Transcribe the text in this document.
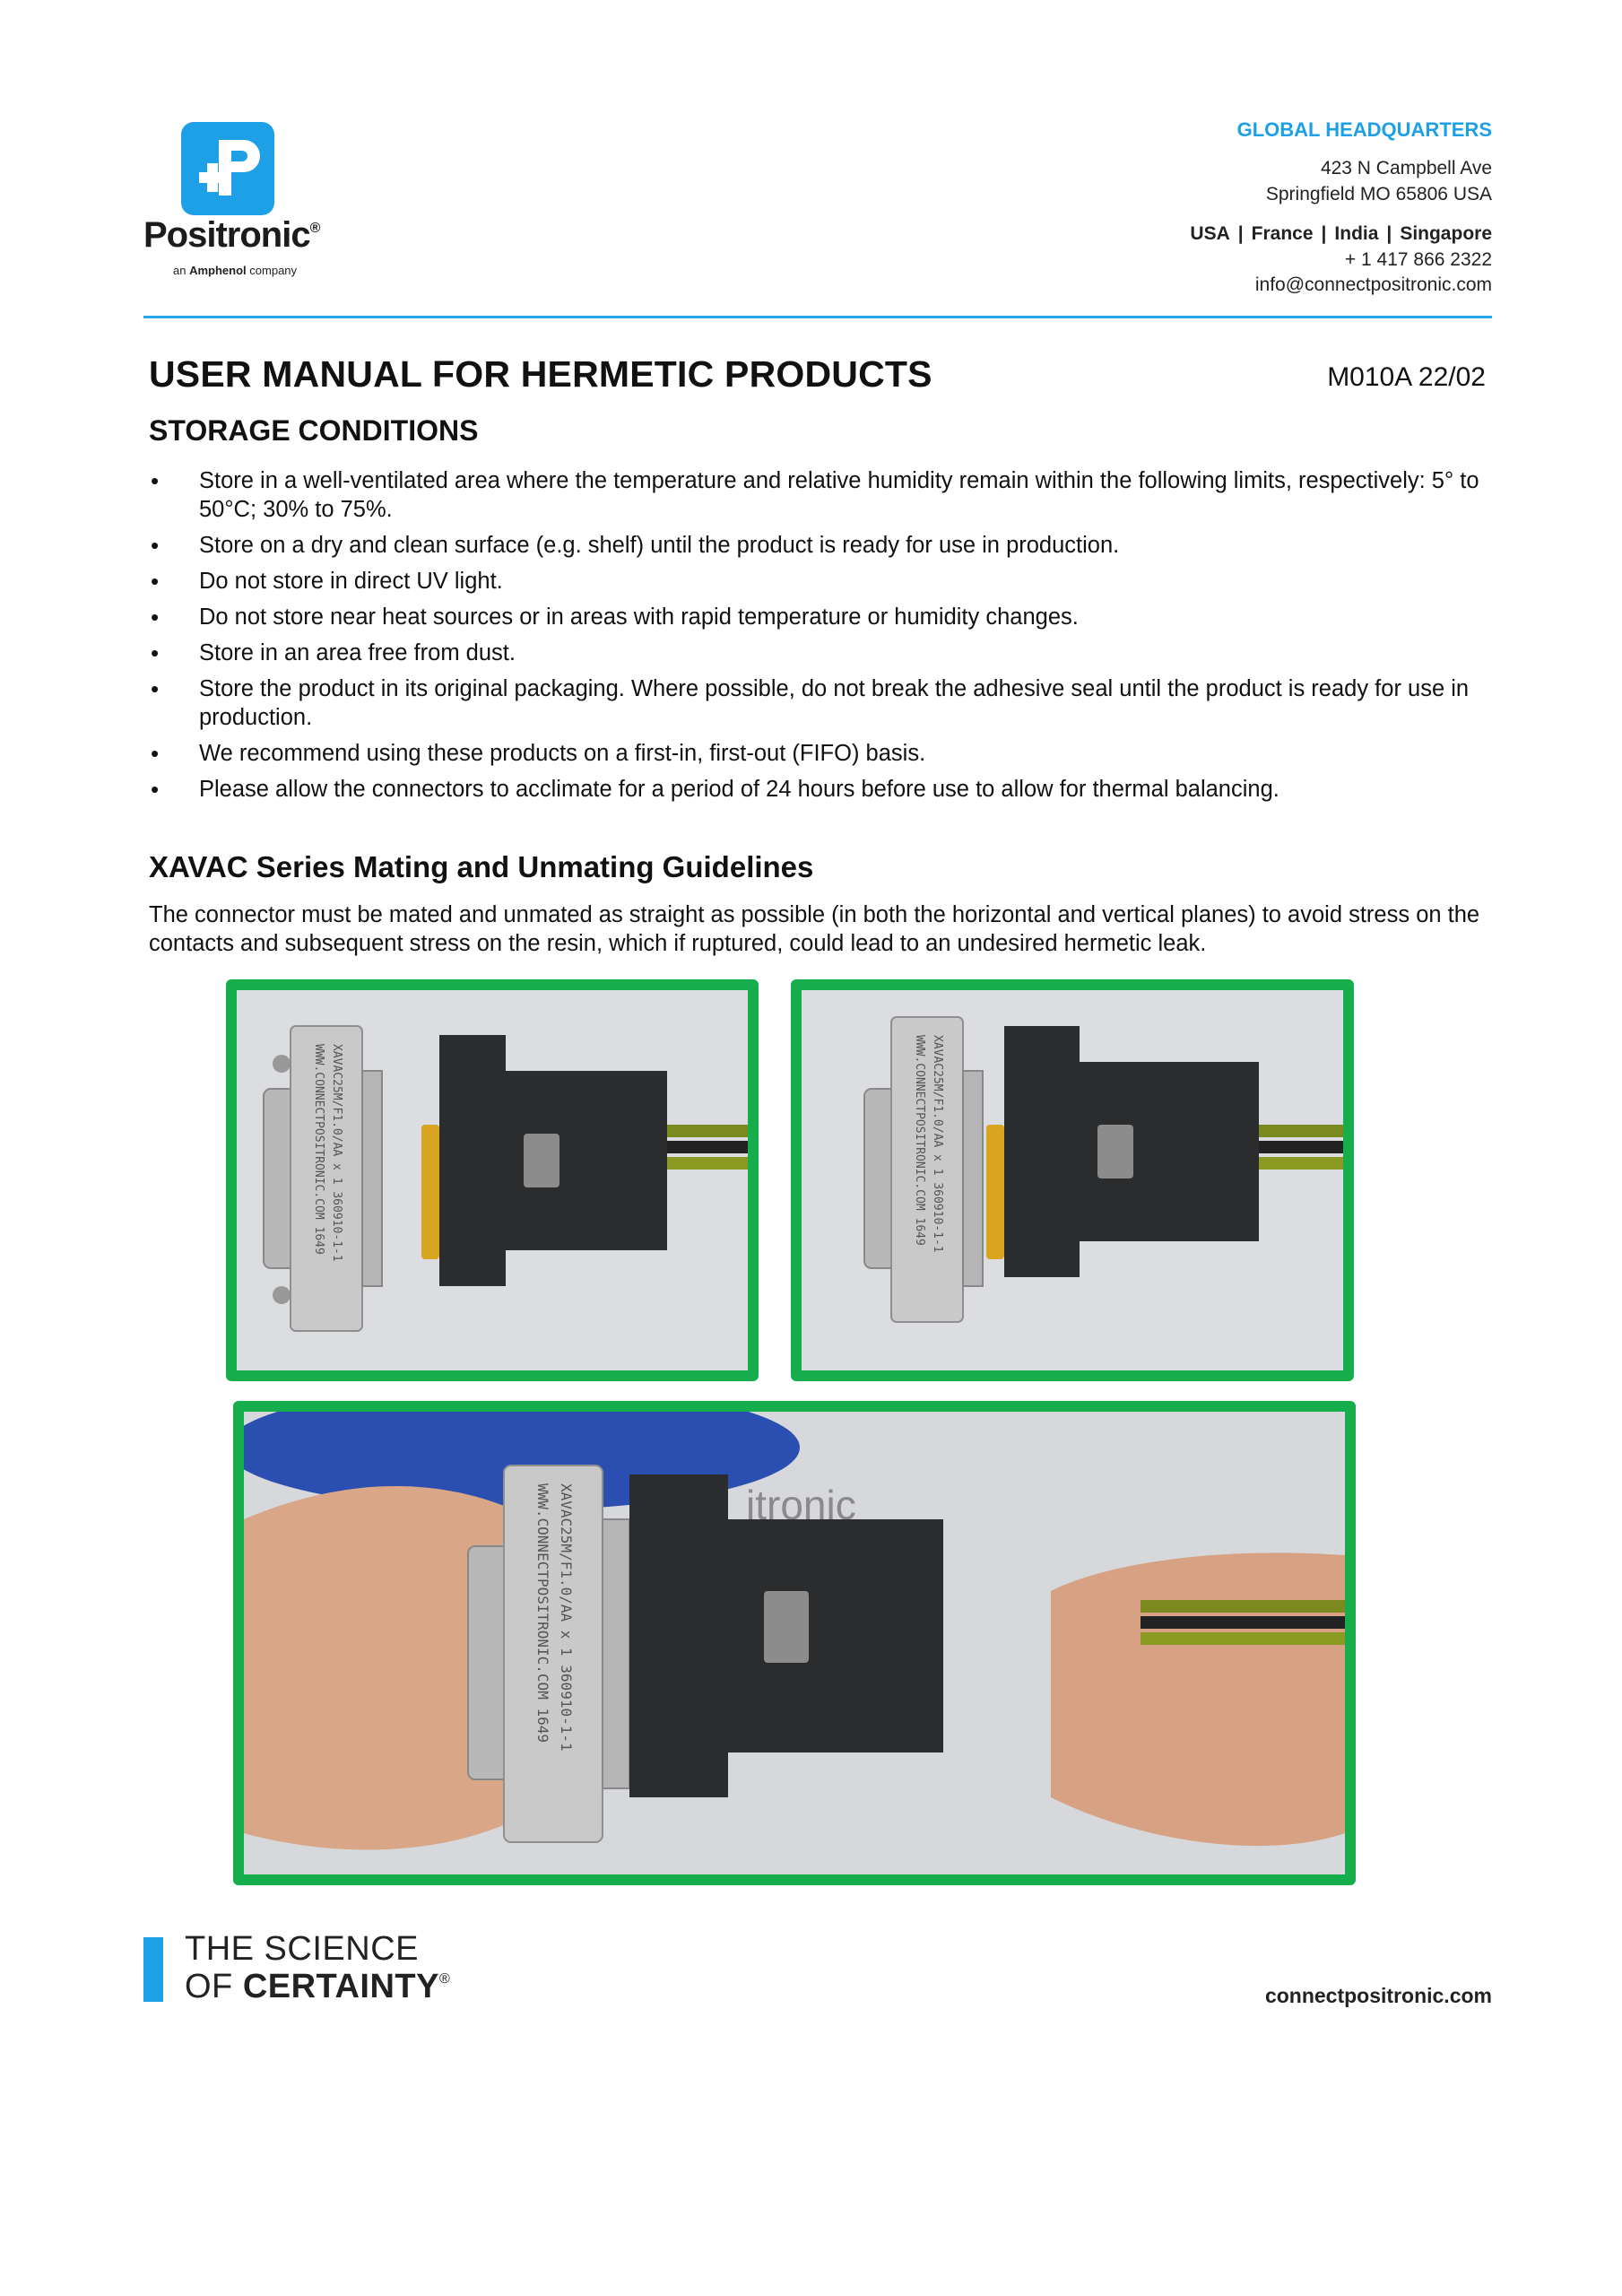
Positronic®
an Amphenol company
GLOBAL HEADQUARTERS
423 N Campbell Ave
Springfield MO 65806 USA
USA | France | India | Singapore
+ 1 417 866 2322
info@connectpositronic.com
USER MANUAL FOR HERMETIC PRODUCTS	M010A 22/02
STORAGE CONDITIONS
• Store in a well-ventilated area where the temperature and relative humidity remain within the following limits, respectively: 5° to 50°C; 30% to 75%.
• Store on a dry and clean surface (e.g. shelf) until the product is ready for use in production.
• Do not store in direct UV light.
• Do not store near heat sources or in areas with rapid temperature or humidity changes.
• Store in an area free from dust.
• Store the product in its original packaging. Where possible, do not break the adhesive seal until the product is ready for use in production.
• We recommend using these products on a first-in, first-out (FIFO) basis.
• Please allow the connectors to acclimate for a period of 24 hours before use to allow for thermal balancing.
XAVAC Series Mating and Unmating Guidelines
The connector must be mated and unmated as straight as possible (in both the horizontal and vertical planes) to avoid stress on the contacts and subsequent stress on the resin, which if ruptured, could lead to an undesired hermetic leak.
WWW.CONNECTPOSITRONIC.COM 1649 XAVAC25M/F1.0/AA x 1 360910-1-1	WWW.CONNECTPOSITRONIC.COM 1649 XAVAC25M/F1.0/AA x 1 360910-1-1
itronic
WWW.CONNECTPOSITRONIC.COM 1649 XAVAC25M/F1.0/AA x 1 360910-1-1
THE SCIENCE
OF CERTAINTY®
connectpositronic.com
